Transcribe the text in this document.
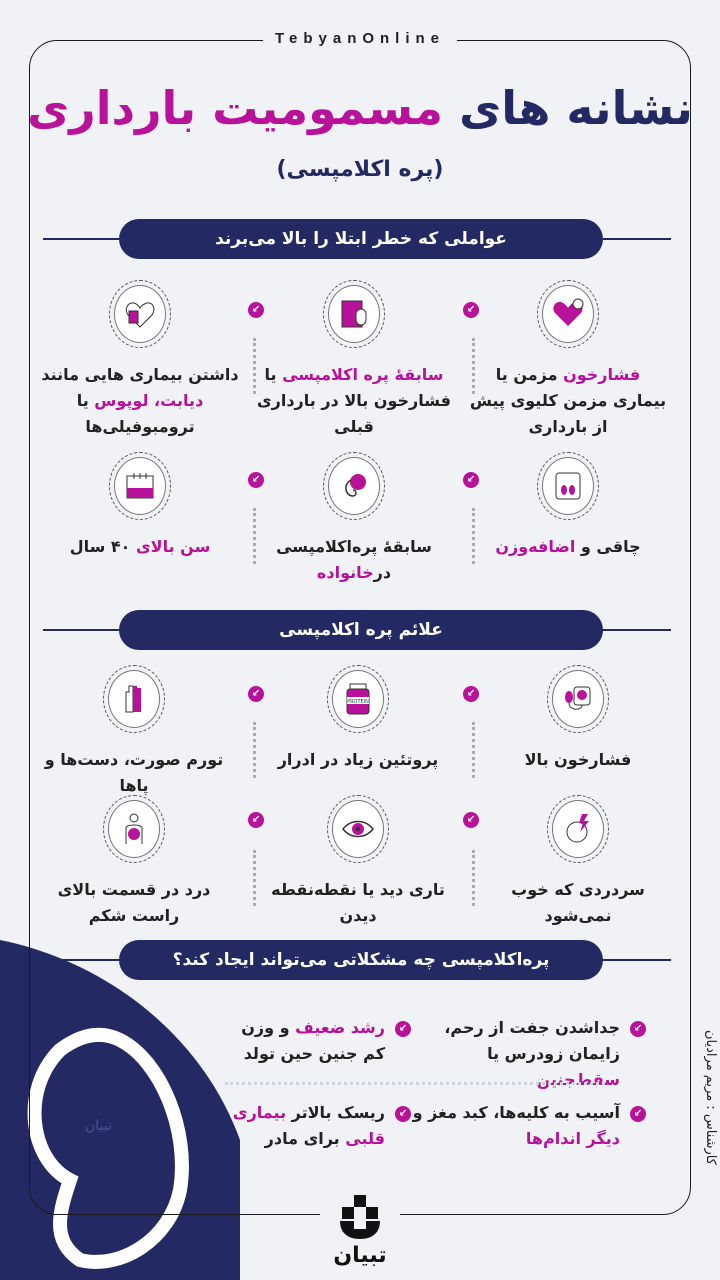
تبیان
TebyanOnline
نشانه های مسمومیت بارداری
(پره اکلامپسی)
عواملی که خطر ابتلا را بالا می‌برند
فشارخون مزمن یا بیماری مزمن کلیوی پیش از بارداری
سابقهٔ پره اکلامپسی یا فشارخون بالا در بارداری قبلی
داشتن بیماری هایی مانند دیابت، لوپوس یا ترومبوفیلی‌ها
چاقی و اضافه‌وزن
سابقهٔ پره‌اکلامپسی درخانواده
سن بالای ۴۰ سال
↙
↙
↙
↙
علائم پره اکلامپسی
فشارخون بالا
PROTEIN
پروتئین زیاد در ادرار
تورم صورت، دست‌ها و پاها
سردردی که خوب نمی‌شود
تاری دید یا نقطه‌نقطه دیدن
درد در قسمت بالای راست شکم
↙
↙
↙
↙
پره‌اکلامپسی چه مشکلاتی می‌تواند ایجاد کند؟
↙
جداشدن جفت از رحم، زایمان زودرس یا سقط‌جنین
↙
رشد ضعیف و وزن کم جنین حین تولد
↙
آسیب به کلیه‌ها، کبد مغز و دیگر اندام‌ها
↙
ریسک بالاتر بیماری قلبی برای مادر	کارشناس : مریم مرادیان
تبیان
